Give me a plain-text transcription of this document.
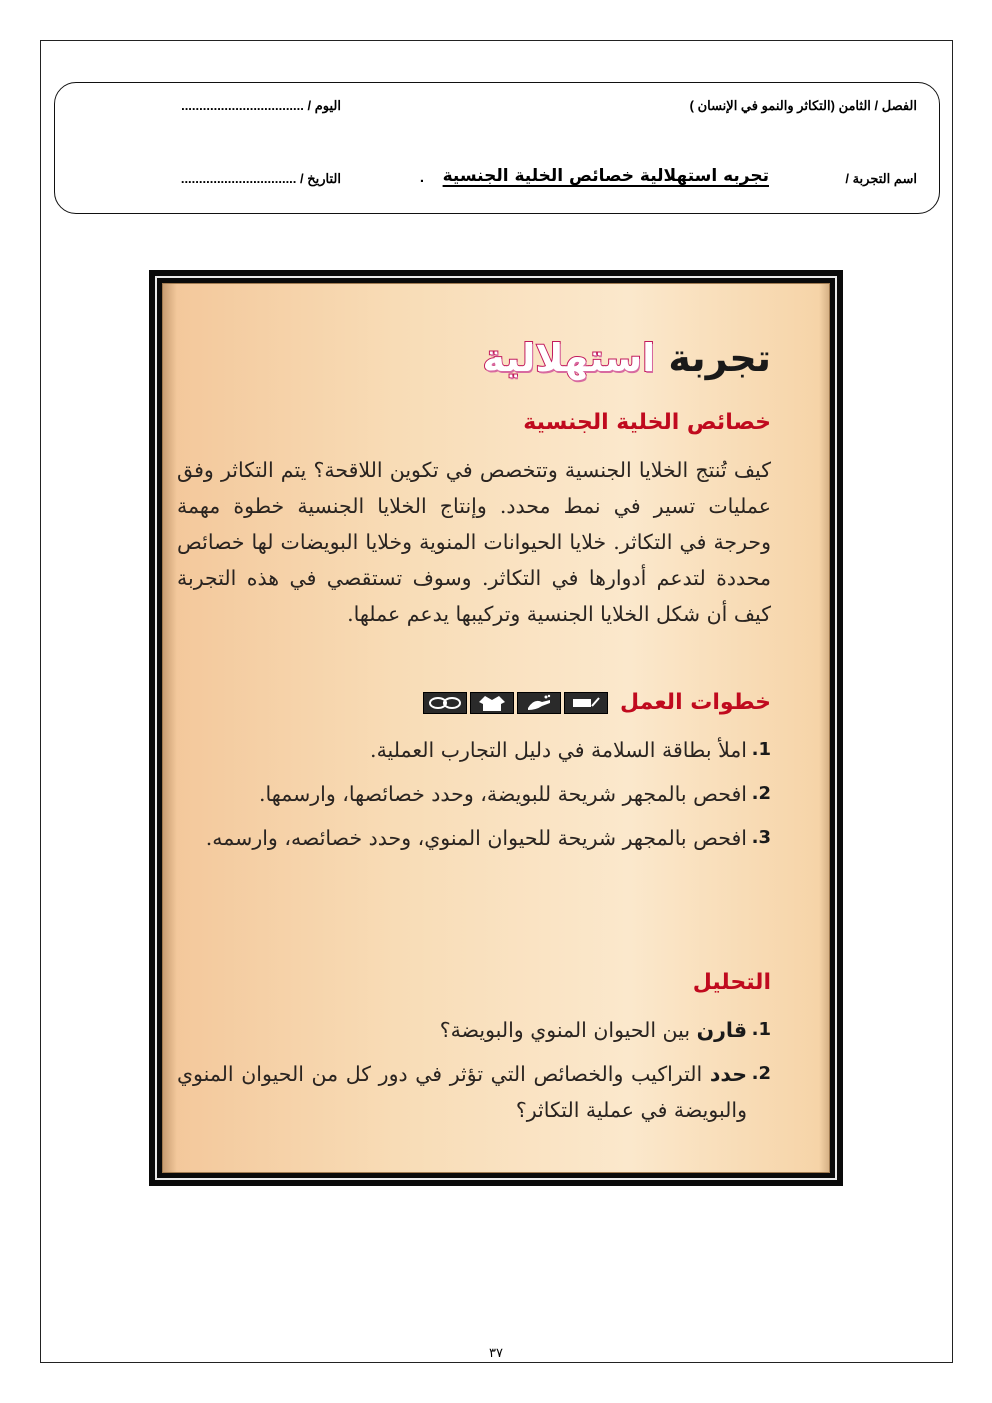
الفصل / الثامن (التكاثر والنمو في الإنسان )
اليوم / ..................................
اسم التجربة /
تجربه استهلالية خصائص الخلية الجنسية
.
التاريخ / ................................
تجربة استهلالية
خصائص الخلية الجنسية
كيف تُنتج الخلايا الجنسية وتتخصص في تكوين اللاقحة؟ يتم التكاثر وفق عمليات تسير في نمط محدد. وإنتاج الخلايا الجنسية خطوة مهمة وحرجة في التكاثر. خلايا الحيوانات المنوية وخلايا البويضات لها خصائص محددة لتدعم أدوارها في التكاثر. وسوف تستقصي في هذه التجربة كيف أن شكل الخلايا الجنسية وتركيبها يدعم عملها.
خطوات العمل
1.
املأ بطاقة السلامة في دليل التجارب العملية.
2.
افحص بالمجهر شريحة للبويضة، وحدد خصائصها، وارسمها.
3.
افحص بالمجهر شريحة للحيوان المنوي، وحدد خصائصه، وارسمه.
التحليل
1.
قارن بين الحيوان المنوي والبويضة؟
2.
حدد التراكيب والخصائص التي تؤثر في دور كل من الحيوان المنوي والبويضة في عملية التكاثر؟
٣٧
